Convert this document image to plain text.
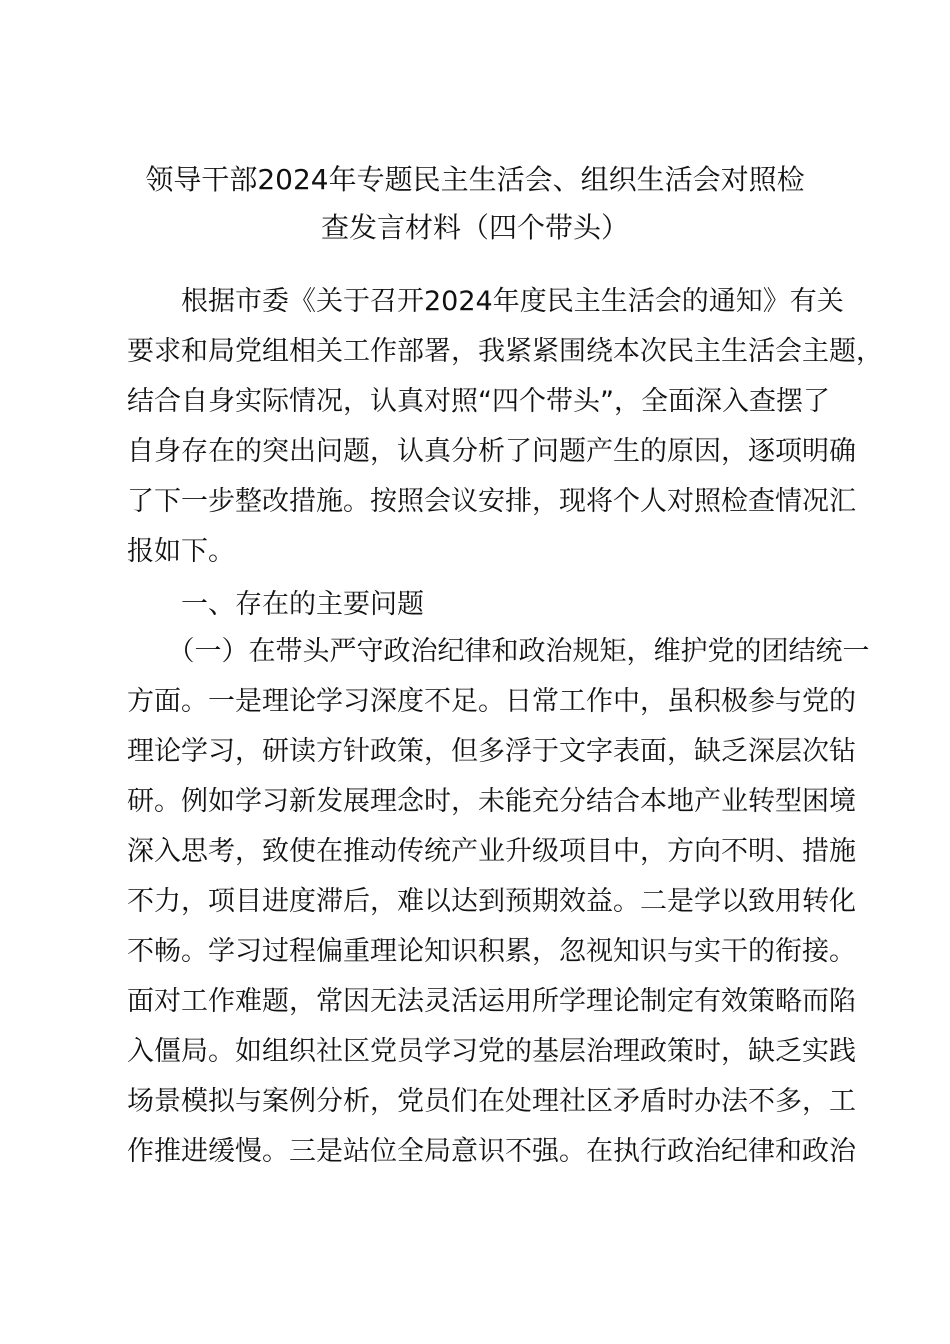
领导干部2024年专题民主生活会、组织生活会对照检
查发言材料（四个带头）
　　根据市委《关于召开2024年度民主生活会的通知》有关
要求和局党组相关工作部署，我紧紧围绕本次民主生活会主题，
结合自身实际情况，认真对照“四个带头”，全面深入查摆了
自身存在的突出问题，认真分析了问题产生的原因，逐项明确
了下一步整改措施。按照会议安排，现将个人对照检查情况汇
报如下。
　　一、存在的主要问题
　　（一）在带头严守政治纪律和政治规矩，维护党的团结统一
方面。一是理论学习深度不足。日常工作中，虽积极参与党的
理论学习，研读方针政策，但多浮于文字表面，缺乏深层次钻
研。例如学习新发展理念时，未能充分结合本地产业转型困境
深入思考，致使在推动传统产业升级项目中，方向不明、措施
不力，项目进度滞后，难以达到预期效益。二是学以致用转化
不畅。学习过程偏重理论知识积累，忽视知识与实干的衔接。
面对工作难题，常因无法灵活运用所学理论制定有效策略而陷
入僵局。如组织社区党员学习党的基层治理政策时，缺乏实践
场景模拟与案例分析，党员们在处理社区矛盾时办法不多，工
作推进缓慢。三是站位全局意识不强。在执行政治纪律和政治
